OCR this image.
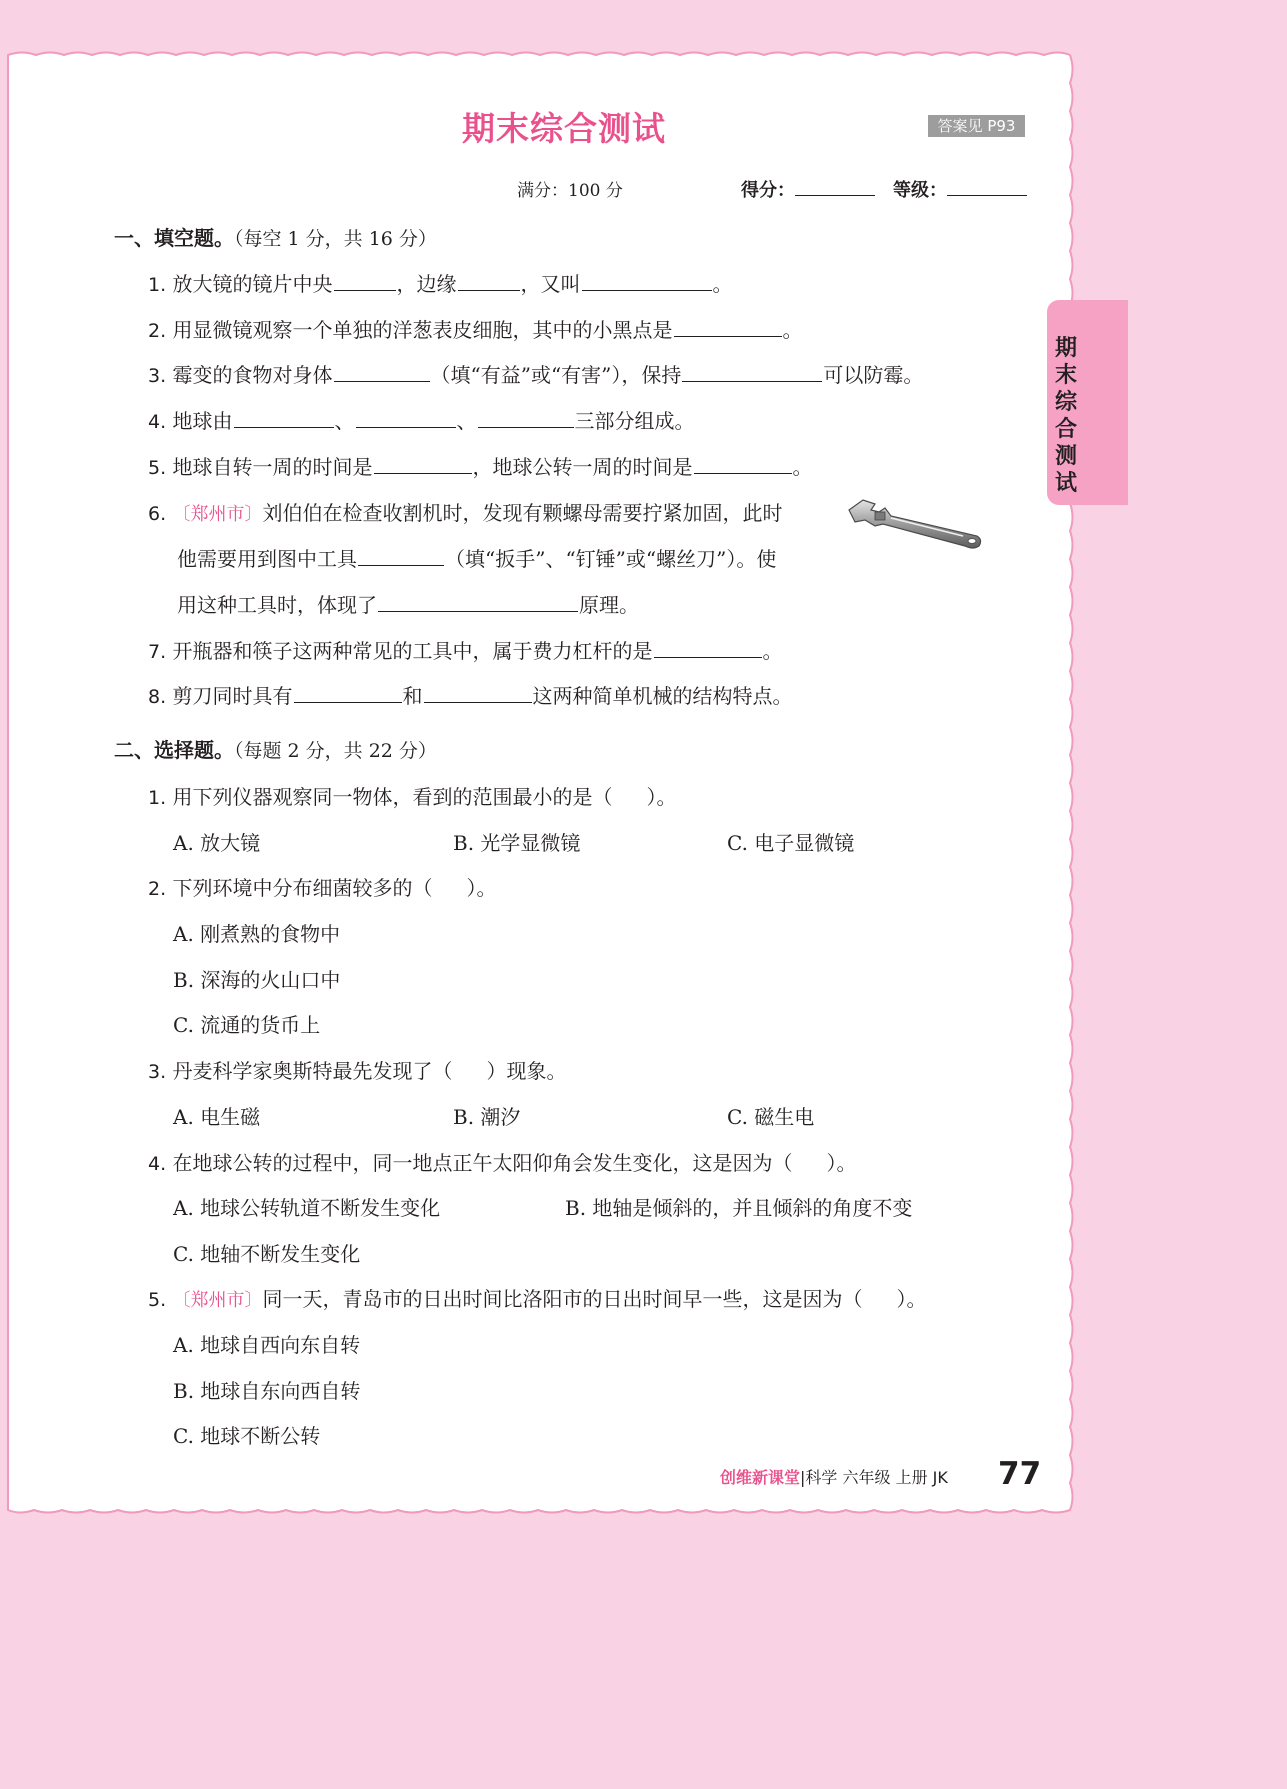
期末综合测试	答案见 P93
满分：100 分	得分：	等级：
一、填空题。（每空 1 分，共 16 分）
1. 放大镜的镜片中央	，边缘	，又叫	。
2. 用显微镜观察一个单独的洋葱表皮细胞，其中的小黑点是	。
3. 霉变的食物对身体	（填“有益”或“有害”），保持	可以防霉。
4. 地球由	、	、	三部分组成。
5. 地球自转一周的时间是	，地球公转一周的时间是	。
6. 〔郑州市〕刘伯伯在检查收割机时，发现有颗螺母需要拧紧加固，此时
他需要用到图中工具	（填“扳手”、“钉锤”或“螺丝刀”）。使
用这种工具时，体现了	原理。
7. 开瓶器和筷子这两种常见的工具中，属于费力杠杆的是	。
8. 剪刀同时具有	和	这两种简单机械的结构特点。
二、选择题。（每题 2 分，共 22 分）
1. 用下列仪器观察同一物体，看到的范围最小的是（ ）。
A. 放大镜	B. 光学显微镜	C. 电子显微镜
2. 下列环境中分布细菌较多的（ ）。
A. 刚煮熟的食物中
B. 深海的火山口中
C. 流通的货币上
3. 丹麦科学家奥斯特最先发现了（ ）现象。
A. 电生磁	B. 潮汐	C. 磁生电
4. 在地球公转的过程中，同一地点正午太阳仰角会发生变化，这是因为（ ）。
A. 地球公转轨道不断发生变化	B. 地轴是倾斜的，并且倾斜的角度不变
C. 地轴不断发生变化
5. 〔郑州市〕同一天，青岛市的日出时间比洛阳市的日出时间早一些，这是因为（ ）。
A. 地球自西向东自转
B. 地球自东向西自转
C. 地球不断公转
期
末
综
合
测
试
创维新课堂|科学 六年级 上册 JK 77
